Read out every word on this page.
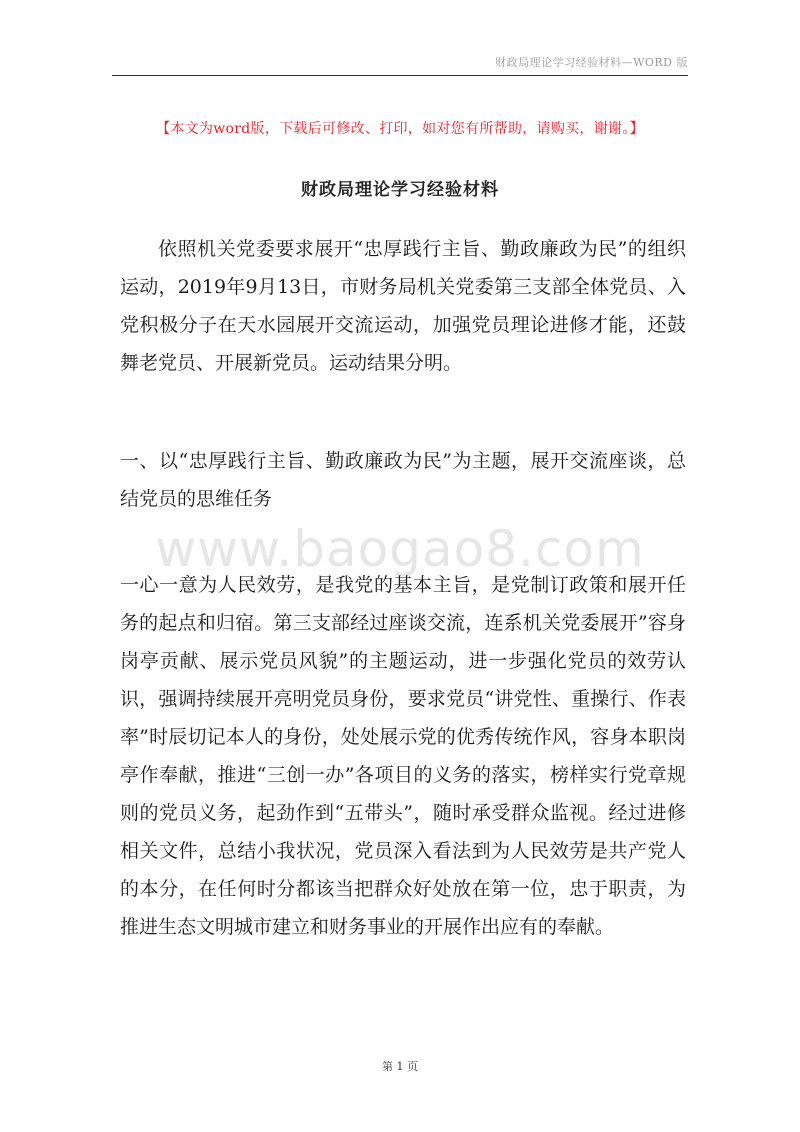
财政局理论学习经验材料—WORD 版
【本文为word版，下载后可修改、打印，如对您有所帮助，请购买，谢谢。】
财政局理论学习经验材料

依照机关党委要求展开“忠厚践行主旨、勤政廉政为民”的组织运动，2019年9月13日，市财务局机关党委第三支部全体党员、入党积极分子在天水园展开交流运动，加强党员理论进修才能，还鼓舞老党员、开展新党员。运动结果分明。

一、以“忠厚践行主旨、勤政廉政为民”为主题，展开交流座谈，总结党员的思维任务

www.baogao8.com

一心一意为人民效劳，是我党的基本主旨，是党制订政策和展开任务的起点和归宿。第三支部经过座谈交流，连系机关党委展开”容身岗亭贡献、展示党员风貌”的主题运动，进一步强化党员的效劳认识，强调持续展开亮明党员身份，要求党员“讲党性、重操行、作表率”时辰切记本人的身份，处处展示党的优秀传统作风，容身本职岗亭作奉献，推进“三创一办”各项目的义务的落实，榜样实行党章规则的党员义务，起劲作到“五带头”，随时承受群众监视。经过进修相关文件，总结小我状况，党员深入看法到为人民效劳是共产党人的本分，在任何时分都该当把群众好处放在第一位，忠于职责，为推进生态文明城市建立和财务事业的开展作出应有的奉献。

第 1 页
